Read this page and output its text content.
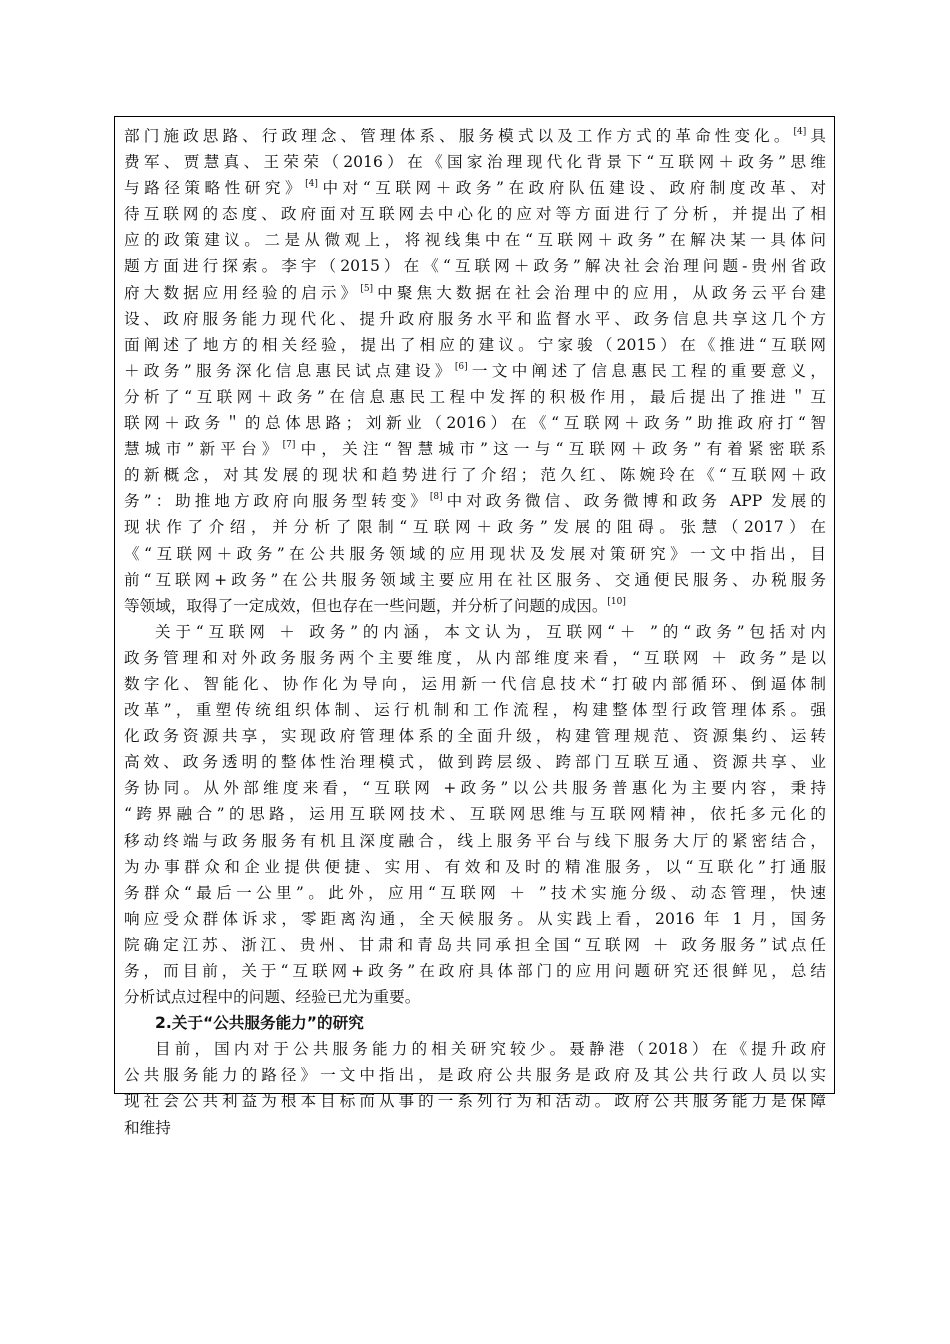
部门施政思路、行政理念、管理体系、服务模式以及工作方式的革命性变化。[4]具
费军、贾慧真、王荣荣（2016）在《国家治理现代化背景下“互联网＋政务”思维
与路径策略性研究》[4]中对“互联网＋政务”在政府队伍建设、政府制度改革、对
待互联网的态度、政府面对互联网去中心化的应对等方面进行了分析，并提出了相
应的政策建议。二是从微观上，将视线集中在“互联网＋政务”在解决某一具体问
题方面进行探索。李宇（2015）在《“互联网＋政务”解决社会治理问题-贵州省政
府大数据应用经验的启示》[5]中聚焦大数据在社会治理中的应用，从政务云平台建
设、政府服务能力现代化、提升政府服务水平和监督水平、政务信息共享这几个方
面阐述了地方的相关经验，提出了相应的建议。宁家骏（2015）在《推进“互联网
＋政务”服务深化信息惠民试点建设》[6]一文中阐述了信息惠民工程的重要意义，
分析了“互联网＋政务”在信息惠民工程中发挥的积极作用，最后提出了推进＂互
联网＋政务＂的总体思路；刘新业（2016）在《“互联网＋政务”助推政府打“智
慧城市”新平台》[7]中，关注“智慧城市”这一与“互联网＋政务”有着紧密联系
的新概念，对其发展的现状和趋势进行了介绍；范久红、陈婉玲在《“互联网＋政
务”：助推地方政府向服务型转变》[8]中对政务微信、政务微博和政务 APP 发展的
现状作了介绍，并分析了限制“互联网＋政务”发展的阻碍。张慧（2017）在
《“互联网＋政务”在公共服务领域的应用现状及发展对策研究》一文中指出，目
前“互联网+政务”在公共服务领域主要应用在社区服务、交通便民服务、办税服务
等领域，取得了一定成效，但也存在一些问题，并分析了问题的成因。[10]
关于“互联网 ＋ 政务”的内涵，本文认为，互联网“＋ ”的“政务”包括对内
政务管理和对外政务服务两个主要维度，从内部维度来看，“互联网 ＋ 政务”是以
数字化、智能化、协作化为导向，运用新一代信息技术“打破内部循环、倒逼体制
改革”，重塑传统组织体制、运行机制和工作流程，构建整体型行政管理体系。强
化政务资源共享，实现政府管理体系的全面升级，构建管理规范、资源集约、运转
高效、政务透明的整体性治理模式，做到跨层级、跨部门互联互通、资源共享、业
务协同。从外部维度来看，“互联网 +政务”以公共服务普惠化为主要内容，秉持
“跨界融合”的思路，运用互联网技术、互联网思维与互联网精神，依托多元化的
移动终端与政务服务有机且深度融合，线上服务平台与线下服务大厅的紧密结合，
为办事群众和企业提供便捷、实用、有效和及时的精准服务，以“互联化”打通服
务群众“最后一公里”。此外，应用“互联网 ＋ ”技术实施分级、动态管理，快速
响应受众群体诉求，零距离沟通，全天候服务。从实践上看，2016 年 1 月，国务
院确定江苏、浙江、贵州、甘肃和青岛共同承担全国“互联网 ＋ 政务服务”试点任
务，而目前，关于“互联网+政务”在政府具体部门的应用问题研究还很鲜见，总结
分析试点过程中的问题、经验已尤为重要。
2.关于“公共服务能力”的研究
目前，国内对于公共服务能力的相关研究较少。聂静港（2018）在《提升政府
公共服务能力的路径》一文中指出，是政府公共服务是政府及其公共行政人员以实
现社会公共利益为根本目标而从事的一系列行为和活动。政府公共服务能力是保障
和维持
